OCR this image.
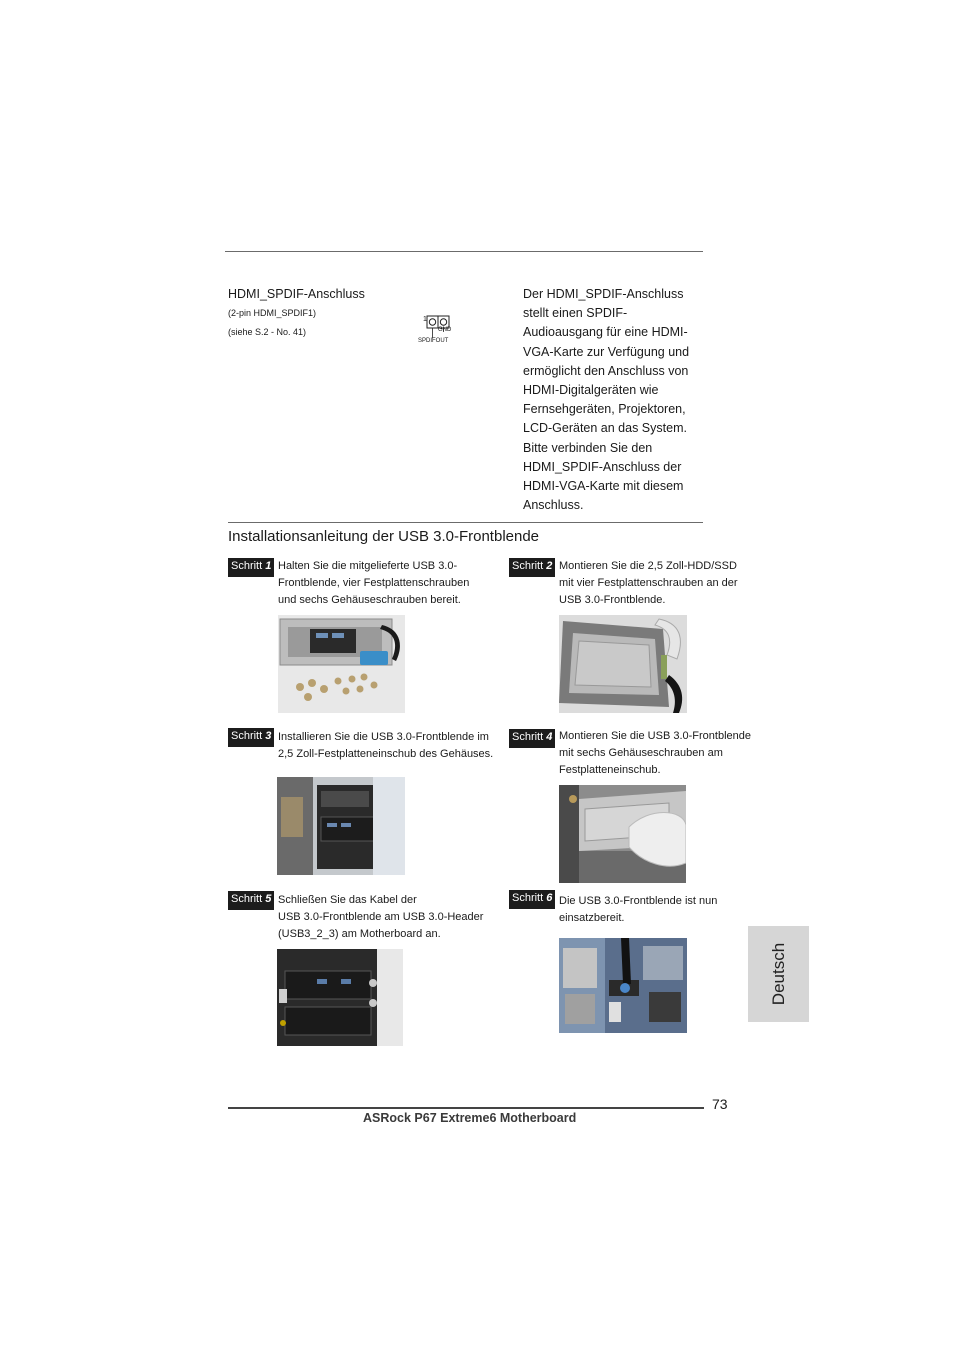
HDMI_SPDIF-Anschluss
(2-pin HDMI_SPDIF1)
(siehe S.2 - No. 41)
1
GND
SPDIFOUT
Der HDMI_SPDIF-Anschluss
stellt einen SPDIF-
Audioausgang für eine HDMI-
VGA-Karte zur Verfügung und
ermöglicht den Anschluss von
HDMI-Digitalgeräten wie
Fernsehgeräten, Projektoren,
LCD-Geräten an das System.
Bitte verbinden Sie den
HDMI_SPDIF-Anschluss der
HDMI-VGA-Karte mit diesem
Anschluss.
Installationsanleitung der USB 3.0-Frontblende
Schritt 1 Halten Sie die mitgelieferte USB 3.0-
Frontblende, vier Festplattenschrauben
und sechs Gehäuseschrauben bereit.
Schritt 2 Montieren Sie die 2,5 Zoll-HDD/SSD
mit vier Festplattenschrauben an der
USB 3.0-Frontblende.
Schritt 3 Installieren Sie die USB 3.0-Frontblende im
2,5 Zoll-Festplatteneinschub des Gehäuses.
Schritt 4 Montieren Sie die USB 3.0-Frontblende
mit sechs Gehäuseschrauben am
Festplatteneinschub.
Schritt 5 Schließen Sie das Kabel der
USB 3.0-Frontblende am USB 3.0-Header
(USB3_2_3) am Motherboard an.
Schritt 6 Die USB 3.0-Frontblende ist nun
einsatzbereit.
Deutsch
73
ASRock P67 Extreme6 Motherboard
